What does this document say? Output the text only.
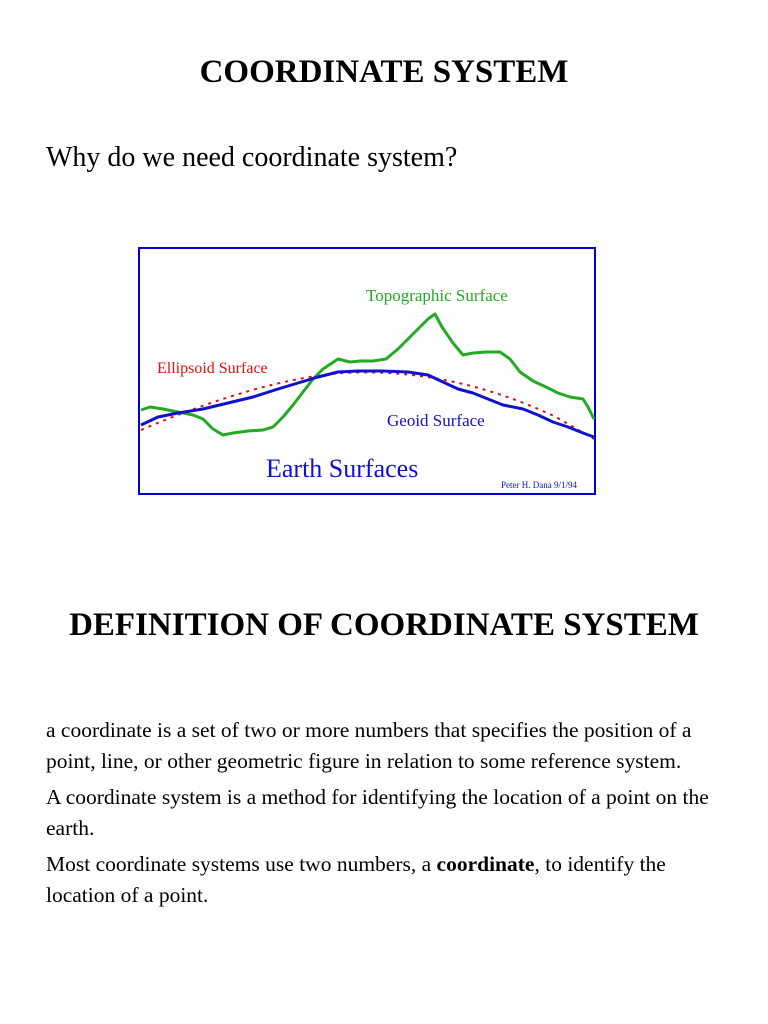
COORDINATE SYSTEM

Why do we need coordinate system?

Topographic Surface
Ellipsoid Surface
Geoid Surface
Earth Surfaces
Peter H. Dana 9/1/94
DEFINITION OF COORDINATE SYSTEM

a coordinate is a set of two or more numbers that specifies the position of a point, line, or other geometric figure in relation to some reference system.

A coordinate system is a method for identifying the location of a point on the earth.

Most coordinate systems use two numbers, a coordinate, to identify the location of a point.
